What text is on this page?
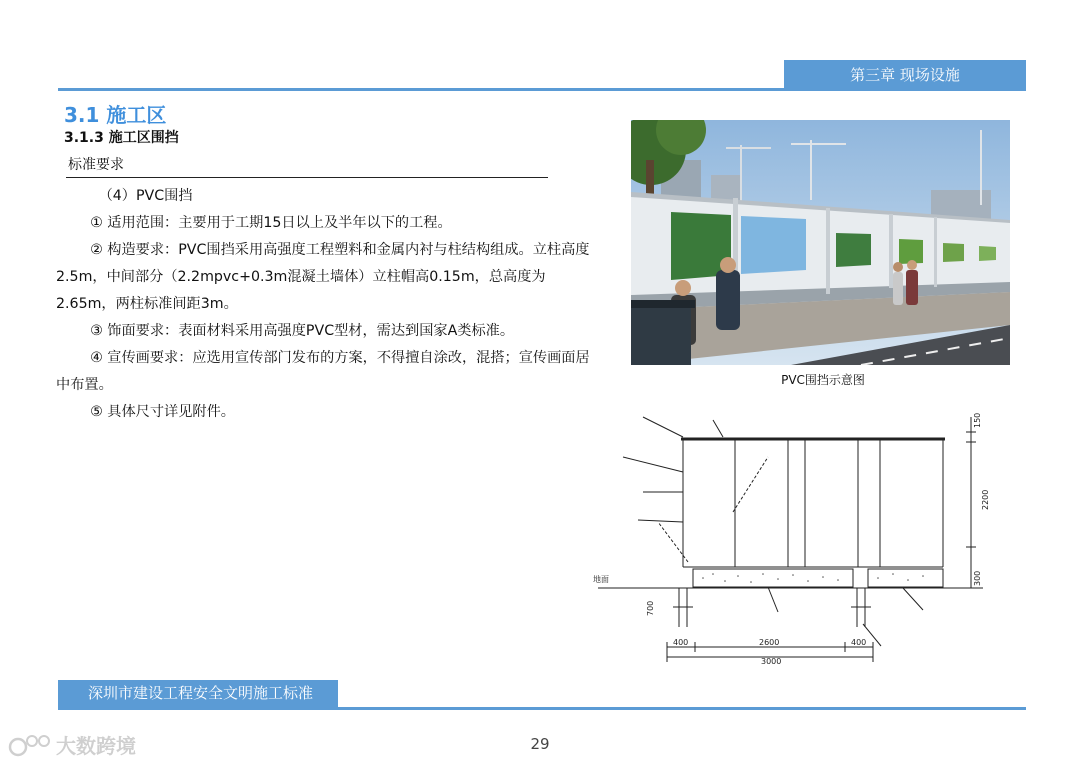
第三章 现场设施
3.1 施工区
3.1.3 施工区围挡
标准要求

（4）PVC围挡

① 适用范围：主要用于工期15日以上及半年以下的工程。

② 构造要求：PVC围挡采用高强度工程塑料和金属内衬与柱结构组成。立柱高度2.5m，中间部分（2.2mpvc+0.3m混凝土墙体）立柱帽高0.15m，总高度为2.65m，两柱标准间距3m。

③ 饰面要求：表面材料采用高强度PVC型材，需达到国家A类标准。

④ 宣传画要求：应选用宣传部门发布的方案，不得擅自涂改，混搭；宣传画面居中布置。

⑤ 具体尺寸详见附件。

PVC围挡示意图
地面
150
2200
300
700
400	2600	400
3000
深圳市建设工程安全文明施工标准
29
大数跨境
